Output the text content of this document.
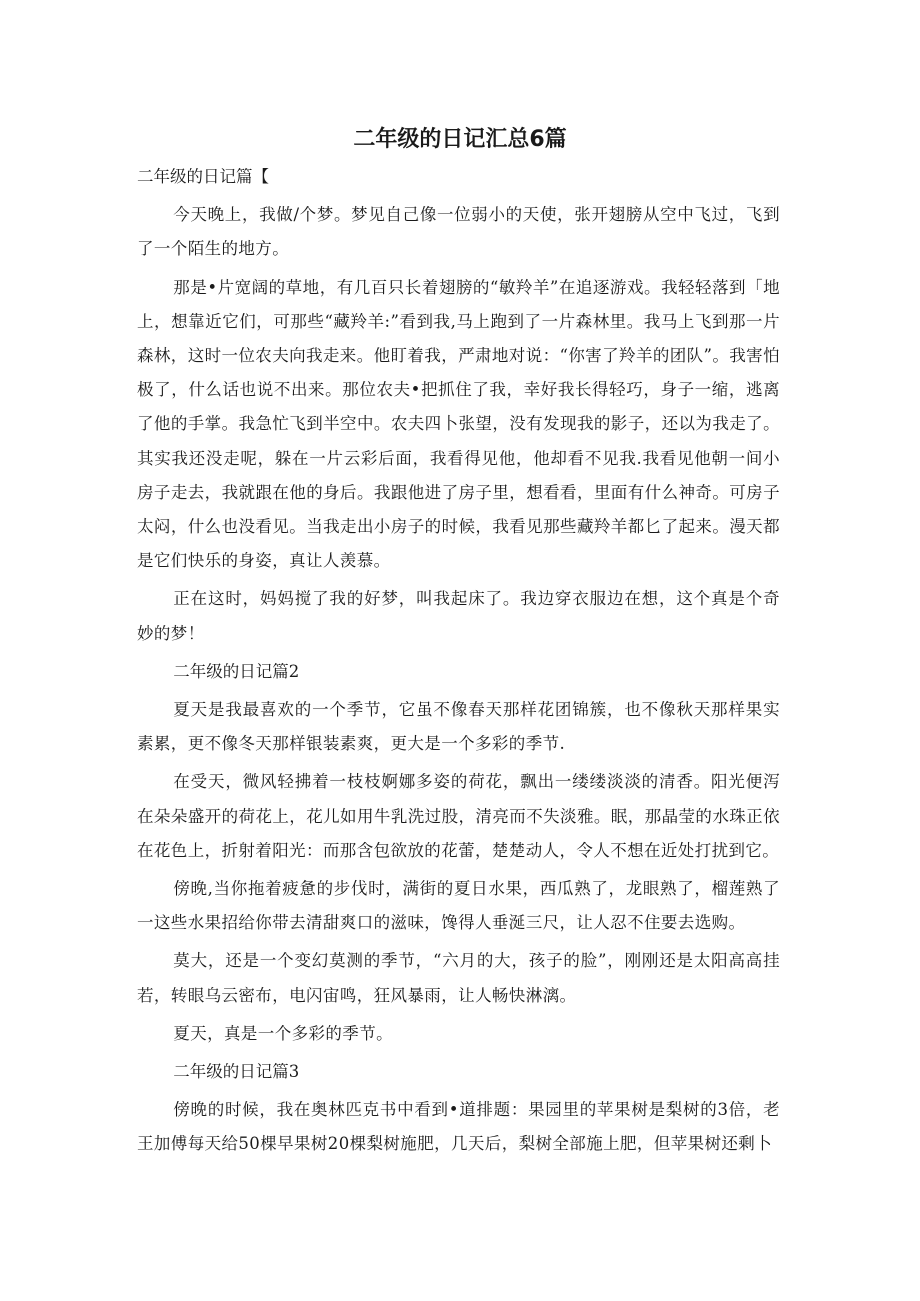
二年级的日记汇总6篇

二年级的日记篇【

今天晚上，我做/个梦。梦见自己像一位弱小的天使，张开翅膀从空中飞过，飞到了一个陌生的地方。

那是•片宽阔的草地，有几百只长着翅膀的“敏羚羊”在追逐游戏。我轻轻落到「地上，想靠近它们，可那些“藏羚羊:”看到我,马上跑到了一片森林里。我马上飞到那一片森林，这时一位农夫向我走来。他盯着我，严肃地对说：“你害了羚羊的团队”。我害怕极了，什么话也说不出来。那位农夫•把抓住了我，幸好我长得轻巧，身子一缩，逃离了他的手掌。我急忙飞到半空中。农夫四卜张望，没有发现我的影子，还以为我走了。其实我还没走呢，躲在一片云彩后面，我看得见他，他却看不见我.我看见他朝一间小房子走去，我就跟在他的身后。我跟他进了房子里，想看看，里面有什么神奇。可房子太闷，什么也没看见。当我走出小房子的时候，我看见那些藏羚羊都匕了起来。漫天都是它们快乐的身姿，真让人羡慕。

正在这时，妈妈搅了我的好梦，叫我起床了。我边穿衣服边在想，这个真是个奇妙的梦！

二年级的日记篇2

夏天是我最喜欢的一个季节，它虽不像春天那样花团锦簇，也不像秋天那样果实素累，更不像冬天那样银装素爽，更大是一个多彩的季节.

在受天，微风轻拂着一枝枝婀娜多姿的荷花，飘出一缕缕淡淡的清香。阳光便泻在朵朵盛开的荷花上，花儿如用牛乳洗过股，清亮而不失淡雅。眠，那晶莹的水珠正依在花色上，折射着阳光：而那含包欲放的花蕾，楚楚动人，令人不想在近处打扰到它。

傍晚,当你拖着疲惫的步伐时，满街的夏日水果，西瓜熟了，龙眼熟了，榴莲熟了一这些水果招给你带去清甜爽口的滋味，馋得人垂涎三尺，让人忍不住要去选购。

莫大，还是一个变幻莫测的季节，“六月的大，孩子的脸”，刚刚还是太阳高高挂若，转眼乌云密布，电闪宙鸣，狂风暴雨，让人畅快淋漓。

夏天，真是一个多彩的季节。

二年级的日记篇3

傍晚的时候，我在奥林匹克书中看到•道排题：果园里的苹果树是梨树的3倍，老王加傅每天给50棵早果树20棵梨树施肥，几天后，梨树全部施上肥，但苹果树还剩卜
